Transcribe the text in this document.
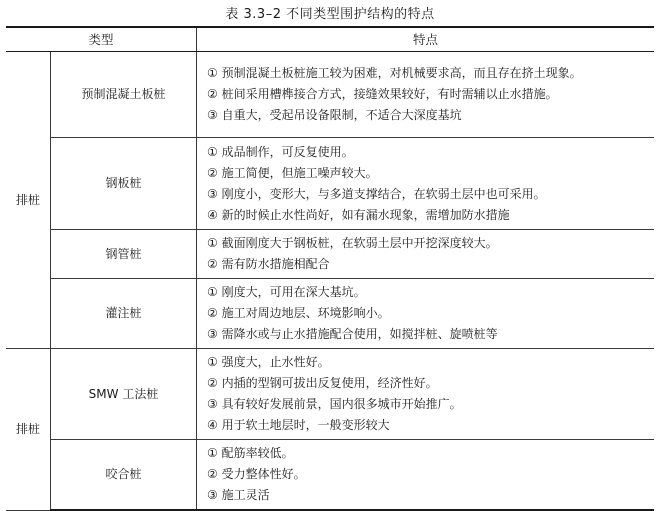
表 3.3–2 不同类型围护结构的特点
类型		特点
排桩	预制混凝土板桩	① 预制混凝土板桩施工较为困难，对机械要求高，而且存在挤土现象。
② 桩间采用槽榫接合方式，接缝效果较好，有时需辅以止水措施。
③ 自重大，受起吊设备限制，不适合大深度基坑

	钢板桩	① 成品制作，可反复使用。
② 施工简便，但施工噪声较大。
③ 刚度小，变形大，与多道支撑结合，在软弱土层中也可采用。
④ 新的时候止水性尚好，如有漏水现象，需增加防水措施

	钢管桩	① 截面刚度大于钢板桩，在软弱土层中开挖深度较大。
② 需有防水措施相配合

	灌注桩	① 刚度大，可用在深大基坑。
② 施工对周边地层、环境影响小。
③ 需降水或与止水措施配合使用，如搅拌桩、旋喷桩等

排桩	SMW 工法桩	① 强度大，止水性好。
② 内插的型钢可拔出反复使用，经济性好。
③ 具有较好发展前景，国内很多城市开始推广。
④ 用于软土地层时，一般变形较大

	咬合桩	① 配筋率较低。
② 受力整体性好。
③ 施工灵活
